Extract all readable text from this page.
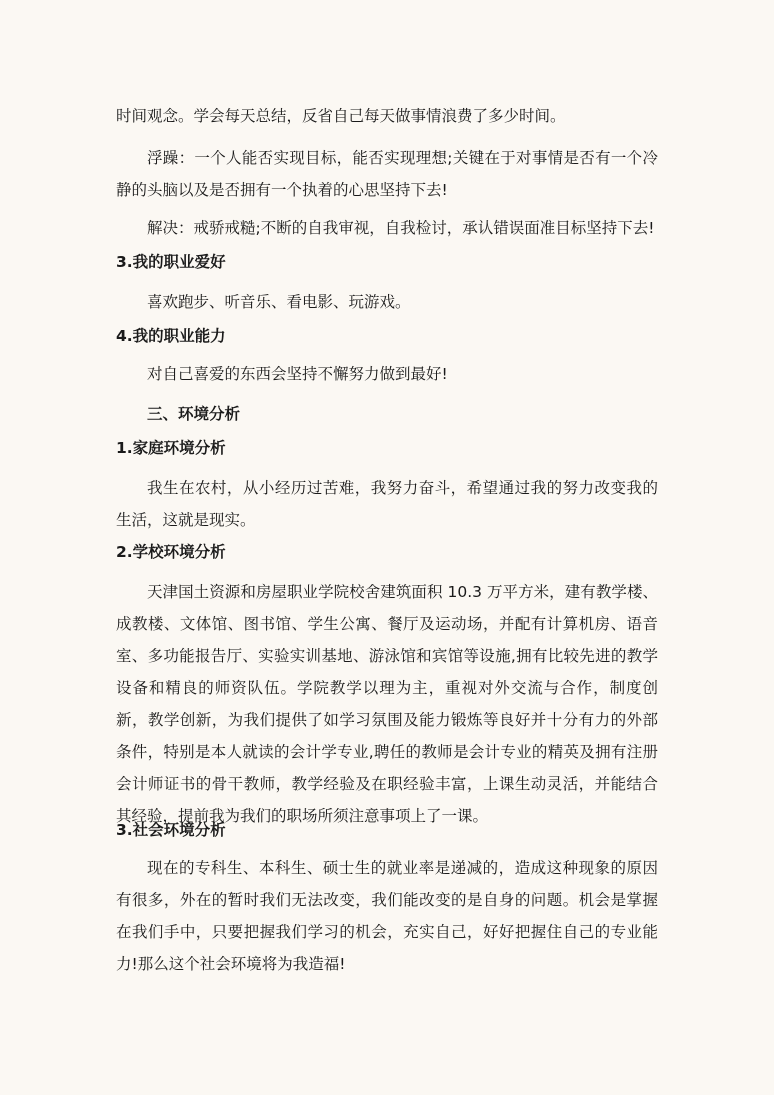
时间观念。学会每天总结，反省自己每天做事情浪费了多少时间。
浮躁：一个人能否实现目标，能否实现理想;关键在于对事情是否有一个冷静的头脑以及是否拥有一个执着的心思坚持下去!
解决：戒骄戒糙;不断的自我审视，自我检讨，承认错误面准目标坚持下去!
3.我的职业爱好
喜欢跑步、听音乐、看电影、玩游戏。
4.我的职业能力
对自己喜爱的东西会坚持不懈努力做到最好!
三、环境分析
1.家庭环境分析
我生在农村，从小经历过苦难，我努力奋斗，希望通过我的努力改变我的生活，这就是现实。
2.学校环境分析
天津国土资源和房屋职业学院校舍建筑面积 10.3 万平方米，建有教学楼、成教楼、文体馆、图书馆、学生公寓、餐厅及运动场，并配有计算机房、语音室、多功能报告厅、实验实训基地、游泳馆和宾馆等设施,拥有比较先进的教学设备和精良的师资队伍。学院教学以理为主，重视对外交流与合作，制度创新，教学创新，为我们提供了如学习氛围及能力锻炼等良好并十分有力的外部条件，特别是本人就读的会计学专业,聘任的教师是会计专业的精英及拥有注册会计师证书的骨干教师，教学经验及在职经验丰富，上课生动灵活，并能结合其经验，提前我为我们的职场所须注意事项上了一课。
3.社会环境分析
现在的专科生、本科生、硕士生的就业率是递减的，造成这种现象的原因有很多，外在的暂时我们无法改变，我们能改变的是自身的问题。机会是掌握在我们手中，只要把握我们学习的机会，充实自己，好好把握住自己的专业能力!那么这个社会环境将为我造福!
